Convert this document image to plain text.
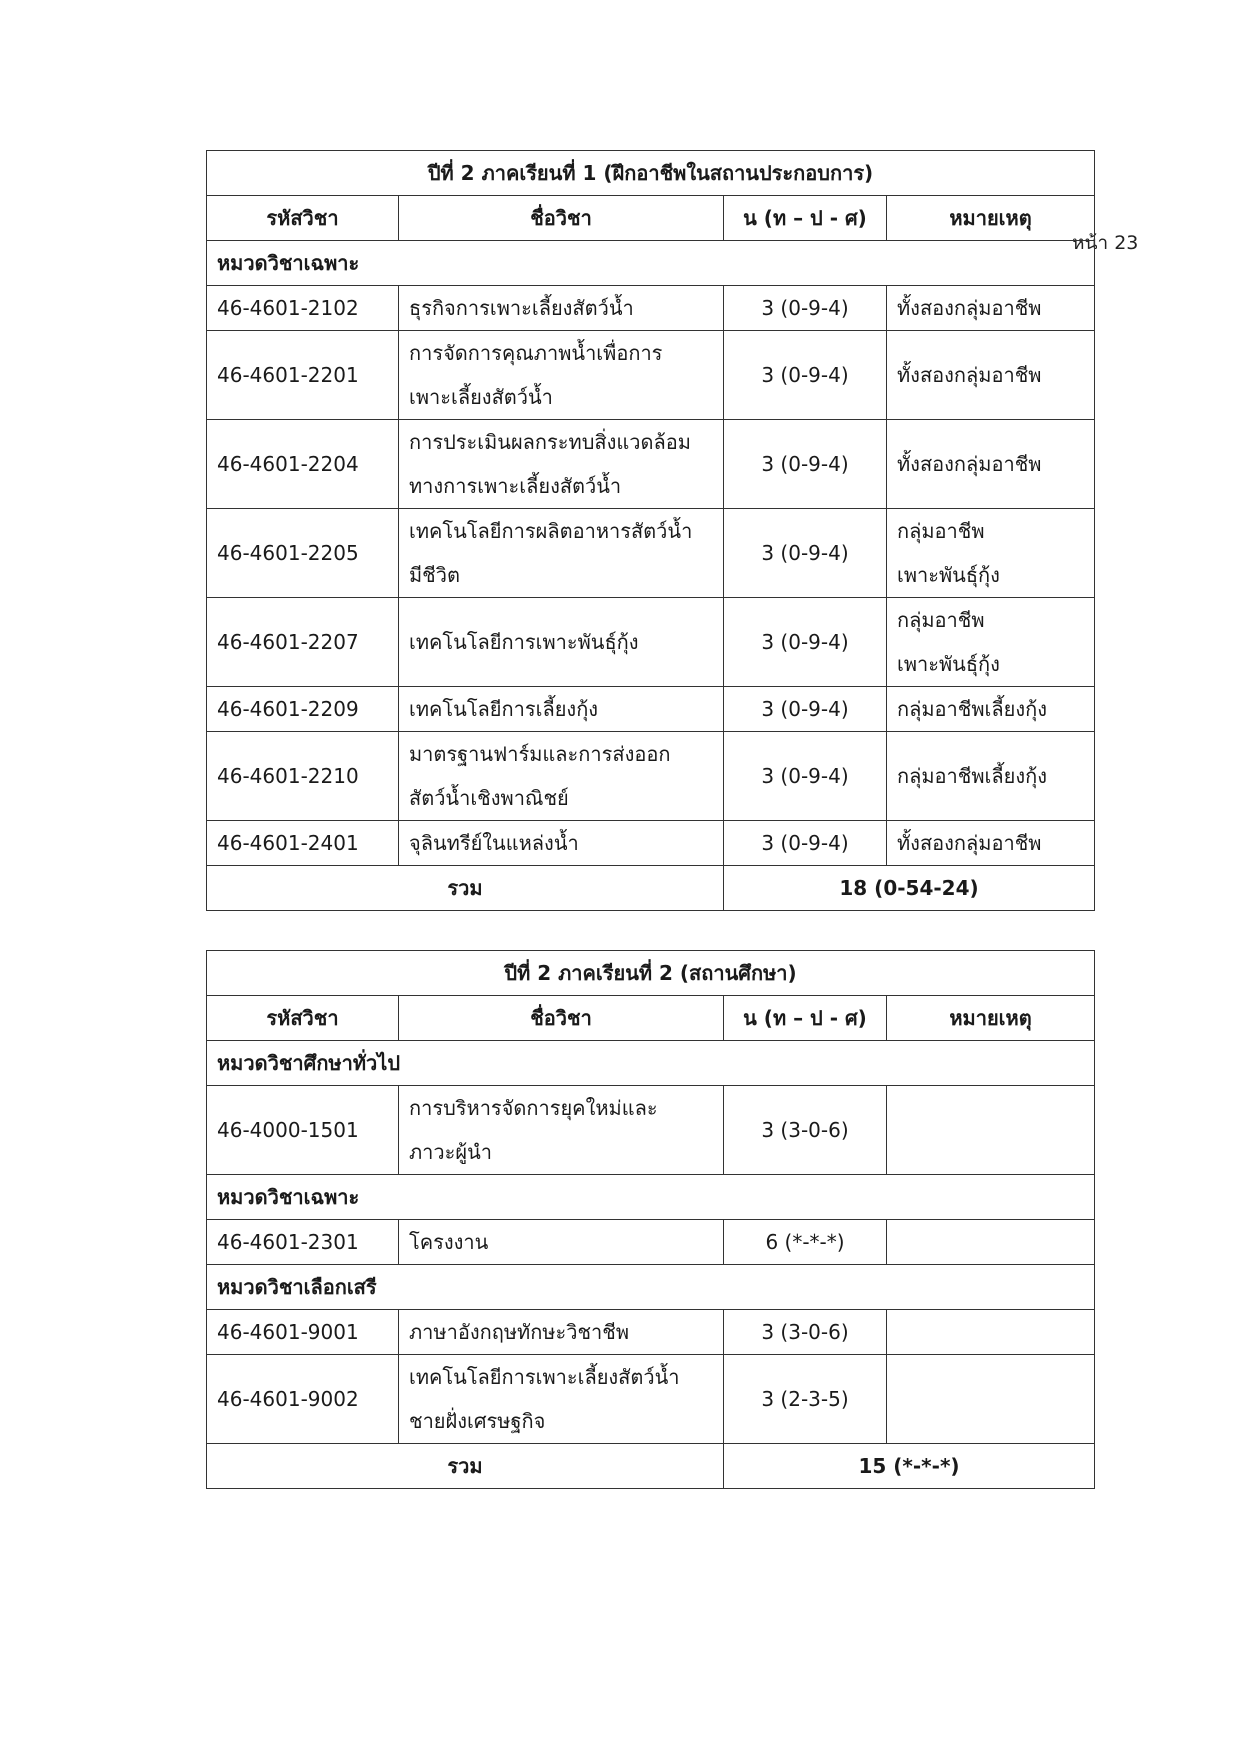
หน้า 23
ปีที่ 2 ภาคเรียนที่ 1 (ฝึกอาชีพในสถานประกอบการ)			
รหัสวิชา	ชื่อวิชา	น (ท – ป - ศ)	หมายเหตุ
หมวดวิชาเฉพาะ			
46-4601-2102	ธุรกิจการเพาะเลี้ยงสัตว์น้ำ	3 (0-9-4)	ทั้งสองกลุ่มอาชีพ
46-4601-2201	การจัดการคุณภาพน้ำเพื่อการ
เพาะเลี้ยงสัตว์น้ำ	3 (0-9-4)	ทั้งสองกลุ่มอาชีพ
46-4601-2204	การประเมินผลกระทบสิ่งแวดล้อม
ทางการเพาะเลี้ยงสัตว์น้ำ	3 (0-9-4)	ทั้งสองกลุ่มอาชีพ
46-4601-2205	เทคโนโลยีการผลิตอาหารสัตว์น้ำ
มีชีวิต	3 (0-9-4)	กลุ่มอาชีพ
เพาะพันธุ์กุ้ง

46-4601-2207	เทคโนโลยีการเพาะพันธุ์กุ้ง	3 (0-9-4)	กลุ่มอาชีพ
เพาะพันธุ์กุ้ง

46-4601-2209	เทคโนโลยีการเลี้ยงกุ้ง	3 (0-9-4)	กลุ่มอาชีพเลี้ยงกุ้ง
46-4601-2210	มาตรฐานฟาร์มและการส่งออก
สัตว์น้ำเชิงพาณิชย์	3 (0-9-4)	กลุ่มอาชีพเลี้ยงกุ้ง
46-4601-2401	จุลินทรีย์ในแหล่งน้ำ	3 (0-9-4)	ทั้งสองกลุ่มอาชีพ
รวม		18 (0-54-24)	
ปีที่ 2 ภาคเรียนที่ 2 (สถานศึกษา)			
รหัสวิชา	ชื่อวิชา	น (ท – ป - ศ)	หมายเหตุ
หมวดวิชาศึกษาทั่วไป			
46-4000-1501	การบริหารจัดการยุคใหม่และ
ภาวะผู้นำ	3 (3-0-6)	
หมวดวิชาเฉพาะ			
46-4601-2301	โครงงาน	6 (*-*-*)	
หมวดวิชาเลือกเสรี			
46-4601-9001	ภาษาอังกฤษทักษะวิชาชีพ	3 (3-0-6)	
46-4601-9002	เทคโนโลยีการเพาะเลี้ยงสัตว์น้ำ
ชายฝั่งเศรษฐกิจ	3 (2-3-5)	
รวม		15 (*-*-*)	
